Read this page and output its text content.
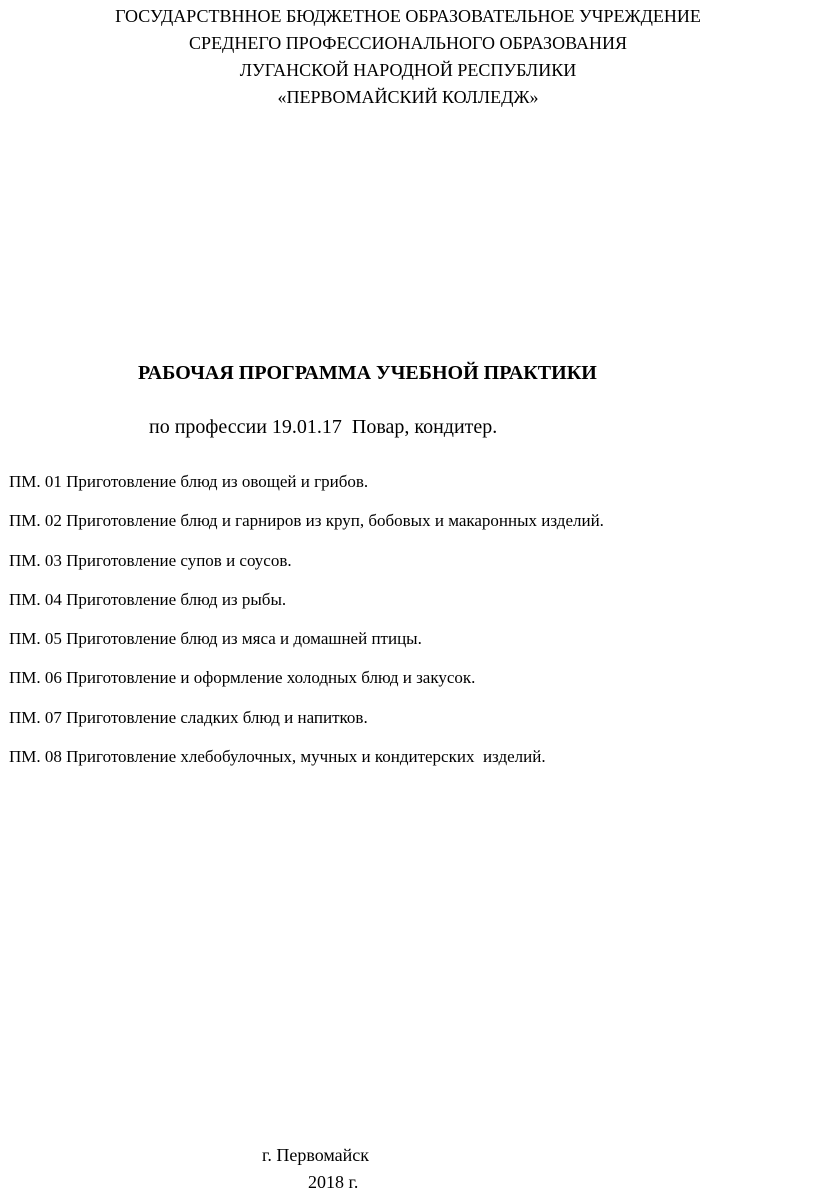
ГОСУДАРСТВННОЕ БЮДЖЕТНОЕ ОБРАЗОВАТЕЛЬНОЕ УЧРЕЖДЕНИЕ
СРЕДНЕГО ПРОФЕССИОНАЛЬНОГО ОБРАЗОВАНИЯ
ЛУГАНСКОЙ НАРОДНОЙ РЕСПУБЛИКИ
«ПЕРВОМАЙСКИЙ КОЛЛЕДЖ»
РАБОЧАЯ ПРОГРАММА УЧЕБНОЙ ПРАКТИКИ
по профессии 19.01.17  Повар, кондитер.
ПМ. 01 Приготовление блюд из овощей и грибов.
ПМ. 02 Приготовление блюд и гарниров из круп, бобовых и макаронных изделий.
ПМ. 03 Приготовление супов и соусов.
ПМ. 04 Приготовление блюд из рыбы.
ПМ. 05 Приготовление блюд из мяса и домашней птицы.
ПМ. 06 Приготовление и оформление холодных блюд и закусок.
ПМ. 07 Приготовление сладких блюд и напитков.
ПМ. 08 Приготовление хлебобулочных, мучных и кондитерских  изделий.
г. Первомайск
2018 г.
